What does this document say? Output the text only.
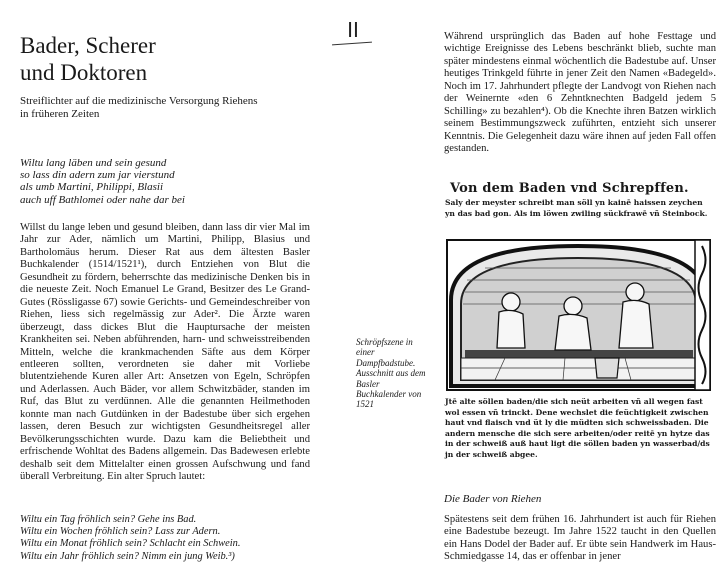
Bader, Scherer
und Doktoren

Streiflichter auf die medizinische Versorgung Riehens
in früheren Zeiten

Wiltu lang läben und sein gesund
so lass din adern zum jar vierstund
als umb Martini, Philippi, Blasii
auch uff Bathlomei oder nahe dar bei

Willst du lange leben und gesund bleiben, dann lass dir vier Mal im Jahr zur Ader, nämlich um Martini, Philipp, Blasius und Bartholomäus herum. Dieser Rat aus dem ältesten Basler Buchkalender (1514/1521¹), durch Entziehen von Blut die Gesundheit zu fördern, beherrschte das medizinische Denken bis in die neueste Zeit. Noch Emanuel Le Grand, Besitzer des Le Grand-Gutes (Rössligasse 67) sowie Gerichts- und Gemeindeschreiber von Riehen, liess sich regelmässig zur Ader². Die Ärzte waren überzeugt, dass dickes Blut die Hauptursache der meisten Krankheiten sei. Neben abführenden, harn- und schweisstreibenden Mitteln, welche die krankmachenden Säfte aus dem Körper entleeren sollten, verordneten sie daher mit Vorliebe blutentziehende Kuren aller Art: Ansetzen von Egeln, Schröpfen und Aderlassen. Auch Bäder, vor allem Schwitzbäder, standen im Ruf, das Blut zu verdünnen. Alle die genannten Heilmethoden konnte man nach Gutdünken in der Badestube über sich ergehen lassen, deren Besuch zur wichtigsten Gesundheitsregel aller Bevölkerungsschichten wurde. Dazu kam die Beliebtheit und erfrischende Wohltat des Badens allgemein. Das Badewesen erlebte deshalb seit dem Mittelalter einen grossen Aufschwung und fand überall Verbreitung. Ein alter Spruch lautet:

Wiltu ein Tag fröhlich sein? Gehe ins Bad.
Wiltu ein Wochen fröhlich sein? Lass zur Adern.
Wiltu ein Monat fröhlich sein? Schlacht ein Schwein.
Wiltu ein Jahr fröhlich sein? Nimm ein jung Weib.³)
II
Schröpfszene in einer Dampfbadstube. Ausschnitt aus dem Basler Buchkalender von 1521

Während ursprünglich das Baden auf hohe Festtage und wichtige Ereignisse des Lebens beschränkt blieb, suchte man später mindestens einmal wöchentlich die Badestube auf. Unser heutiges Trinkgeld führte in jener Zeit den Namen «Badegeld». Noch im 17. Jahrhundert pflegte der Landvogt von Riehen nach der Weinernte «den 6 Zehntknechten Badgeld jedem 5 Schilling» zu bezahlen⁴). Ob die Knechte ihren Batzen wirklich seinem Bestimmungszweck zuführten, entzieht sich unserer Kenntnis. Die Gelegenheit dazu wäre ihnen auf jeden Fall offen gestanden.

Von dem Baden vnd Schrepffen.
Saly der meyster schreibt man söll yn kainē haissen zeychen yn das bad gon. Als im löwen zwiling sückfrawē vñ Steinbock.
Jtē alte söllen baden/die sich neüt arbeiten vñ all wegen fast wol essen vñ trinckt. Dene wechslet die feüchtigkeit zwischen haut vnd flaisch vnd üt ly die müdten sich schweissbaden. Die andern mensche die sich sere arbeiten/oder reitē yn hytze das in der schweiß auß haut ligt die söllen baden yn wasserbad/ds jn der schweiß abgee.

Die Bader von Riehen

Spätestens seit dem frühen 16. Jahrhundert ist auch für Riehen eine Badestube bezeugt. Im Jahre 1522 taucht in den Quellen ein Hans Dodel der Bader auf. Er übte sein Handwerk im Haus-Schmiedgasse 14, das er offenbar in jener
